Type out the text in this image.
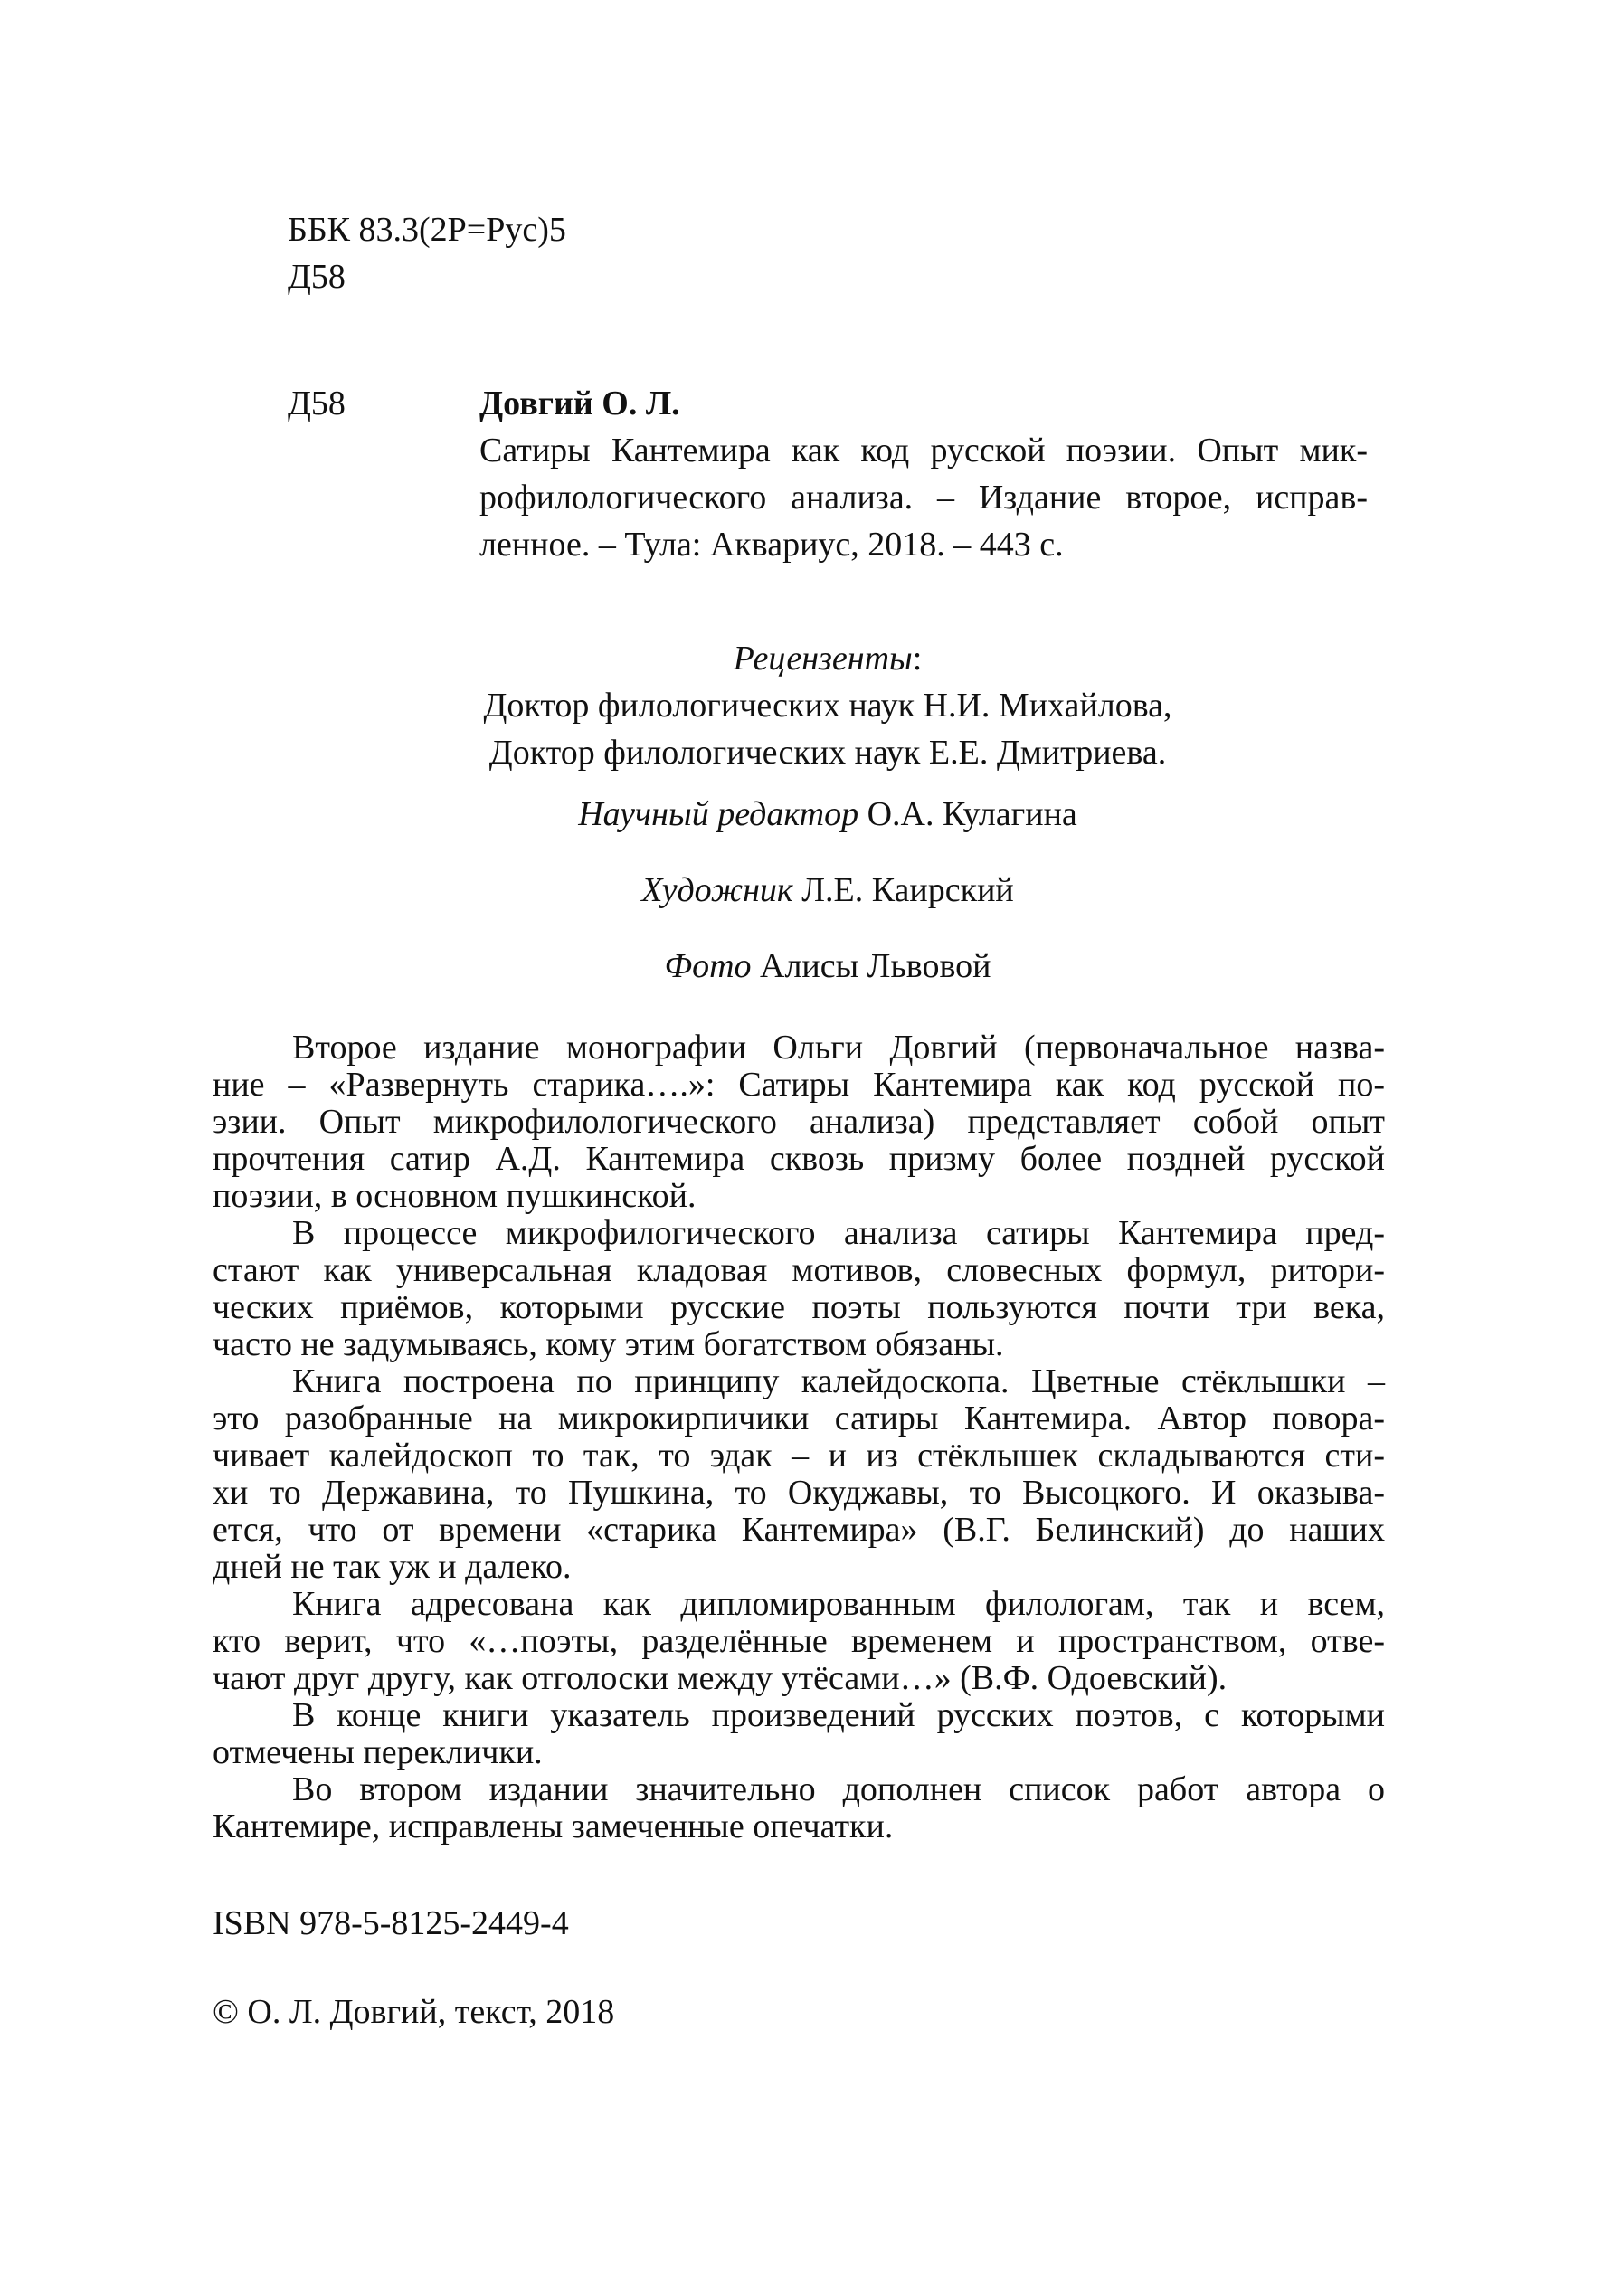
ББК 83.3(2Р=Рус)5
Д58
Д58	Довгий О. Л.
Сатиры Кантемира как код русской поэзии. Опыт мик-
рофилологического анализа. – Издание второе, исправ-
ленное. – Тула: Аквариус, 2018. – 443 с.
Рецензенты:
Доктор филологических наук Н.И. Михайлова,
Доктор филологических наук Е.Е. Дмитриева.
Научный редактор О.А. Кулагина
Художник Л.Е. Каирский
Фото Алисы Львовой
Второе издание монографии Ольги Довгий (первоначальное назва-
ние – «Развернуть старика….»: Сатиры Кантемира как код русской по-
эзии. Опыт микрофилологического анализа) представляет собой опыт
прочтения сатир А.Д. Кантемира сквозь призму более поздней русской
поэзии, в основном пушкинской.
В процессе микрофилогического анализа сатиры Кантемира пред-
стают как универсальная кладовая мотивов, словесных формул, ритори-
ческих приёмов, которыми русские поэты пользуются почти три века,
часто не задумываясь, кому этим богатством обязаны.
Книга построена по принципу калейдоскопа. Цветные стёклышки –
это разобранные на микрокирпичики сатиры Кантемира. Автор повора-
чивает калейдоскоп то так, то эдак – и из стёклышек складываются сти-
хи то Державина, то Пушкина, то Окуджавы, то Высоцкого. И оказыва-
ется, что от времени «старика Кантемира» (В.Г. Белинский) до наших
дней не так уж и далеко.
Книга адресована как дипломированным филологам, так и всем,
кто верит, что «…поэты, разделённые временем и пространством, отве-
чают друг другу, как отголоски между утёсами…» (В.Ф. Одоевский).
В конце книги указатель произведений русских поэтов, с которыми
отмечены переклички.
Во втором издании значительно дополнен список работ автора о
Кантемире, исправлены замеченные опечатки.
ISBN 978-5-8125-2449-4
© О. Л. Довгий, текст, 2018
